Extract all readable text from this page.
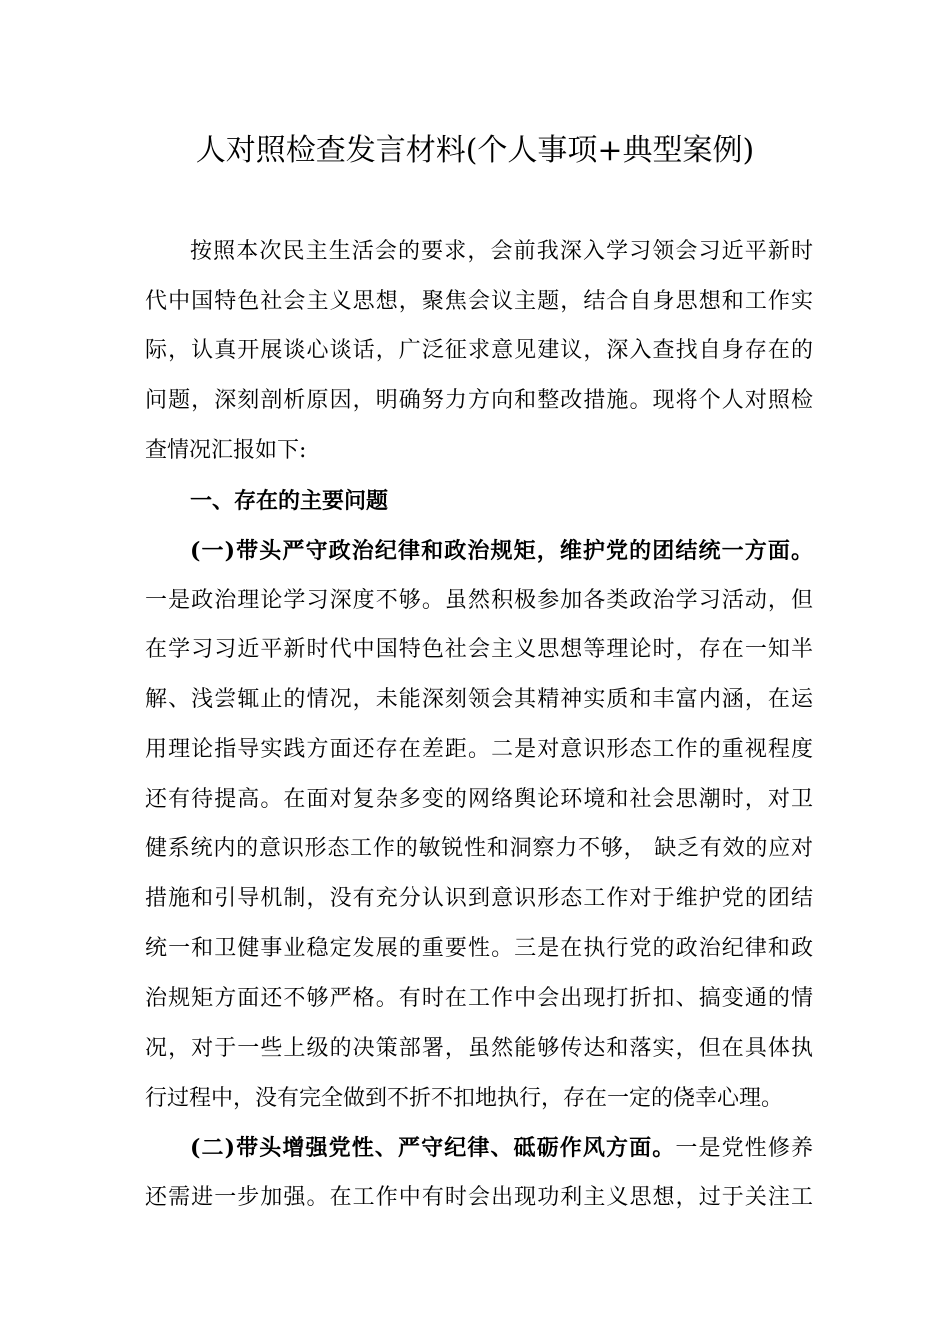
人对照检查发言材料(个人事项+典型案例)
按照本次民主生活会的要求，会前我深入学习领会习近平新时
代中国特色社会主义思想，聚焦会议主题，结合自身思想和工作实
际，认真开展谈心谈话，广泛征求意见建议，深入查找自身存在的
问题，深刻剖析原因，明确努力方向和整改措施。现将个人对照检
查情况汇报如下:
一、存在的主要问题
(一)带头严守政治纪律和政治规矩，维护党的团结统一方面。
一是政治理论学习深度不够。虽然积极参加各类政治学习活动，但
在学习习近平新时代中国特色社会主义思想等理论时，存在一知半
解、浅尝辄止的情况，未能深刻领会其精神实质和丰富内涵，在运
用理论指导实践方面还存在差距。二是对意识形态工作的重视程度
还有待提高。在面对复杂多变的网络舆论环境和社会思潮时，对卫
健系统内的意识形态工作的敏锐性和洞察力不够， 缺乏有效的应对
措施和引导机制，没有充分认识到意识形态工作对于维护党的团结
统一和卫健事业稳定发展的重要性。三是在执行党的政治纪律和政
治规矩方面还不够严格。有时在工作中会出现打折扣、搞变通的情
况，对于一些上级的决策部署，虽然能够传达和落实，但在具体执
行过程中，没有完全做到不折不扣地执行，存在一定的侥幸心理。
(二)带头增强党性、严守纪律、砥砺作风方面。一是党性修养
还需进一步加强。在工作中有时会出现功利主义思想，过于关注工
